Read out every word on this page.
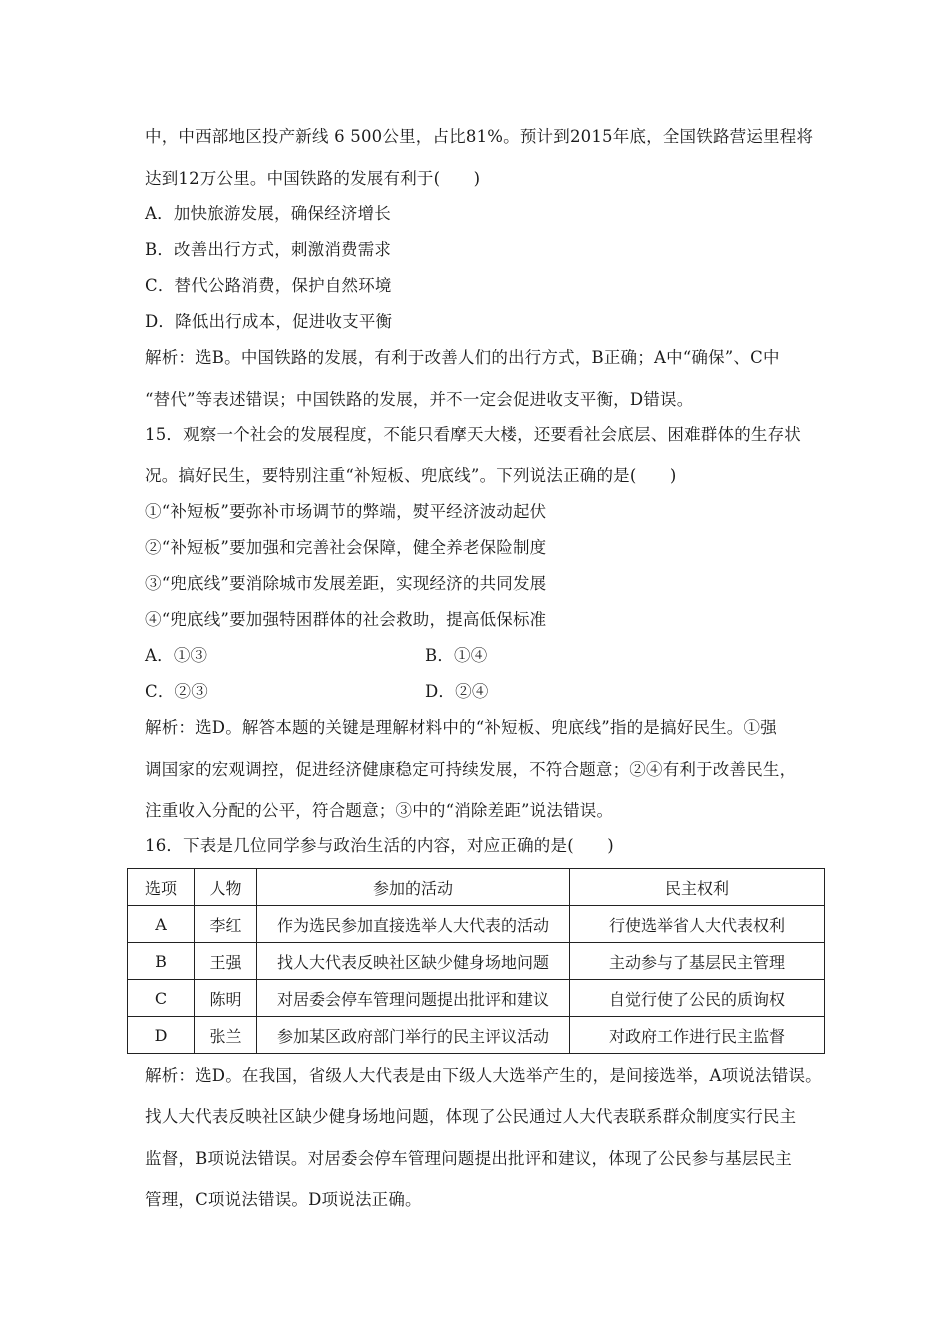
中，中西部地区投产新线 6 500公里，占比81%。预计到2015年底，全国铁路营运里程将
达到12万公里。中国铁路的发展有利于(　　)
A．加快旅游发展，确保经济增长
B．改善出行方式，刺激消费需求
C．替代公路消费，保护自然环境
D．降低出行成本，促进收支平衡
解析：选B。中国铁路的发展，有利于改善人们的出行方式，B正确；A中“确保”、C中
“替代”等表述错误；中国铁路的发展，并不一定会促进收支平衡，D错误。
15．观察一个社会的发展程度，不能只看摩天大楼，还要看社会底层、困难群体的生存状
况。搞好民生，要特别注重“补短板、兜底线”。下列说法正确的是(　　)
①“补短板”要弥补市场调节的弊端，熨平经济波动起伏
②“补短板”要加强和完善社会保障，健全养老保险制度
③“兜底线”要消除城市发展差距，实现经济的共同发展
④“兜底线”要加强特困群体的社会救助，提高低保标准
A．①③	B．①④
C．②③	D．②④
解析：选D。解答本题的关键是理解材料中的“补短板、兜底线”指的是搞好民生。①强
调国家的宏观调控，促进经济健康稳定可持续发展，不符合题意；②④有利于改善民生，
注重收入分配的公平，符合题意；③中的“消除差距”说法错误。
16．下表是几位同学参与政治生活的内容，对应正确的是(　　)
选项	人物	参加的活动	民主权利
A	李红	作为选民参加直接选举人大代表的活动	行使选举省人大代表权利
B	王强	找人大代表反映社区缺少健身场地问题	主动参与了基层民主管理
C	陈明	对居委会停车管理问题提出批评和建议	自觉行使了公民的质询权
D	张兰	参加某区政府部门举行的民主评议活动	对政府工作进行民主监督
解析：选D。在我国，省级人大代表是由下级人大选举产生的，是间接选举，A项说法错误。
找人大代表反映社区缺少健身场地问题，体现了公民通过人大代表联系群众制度实行民主
监督，B项说法错误。对居委会停车管理问题提出批评和建议，体现了公民参与基层民主
管理，C项说法错误。D项说法正确。
